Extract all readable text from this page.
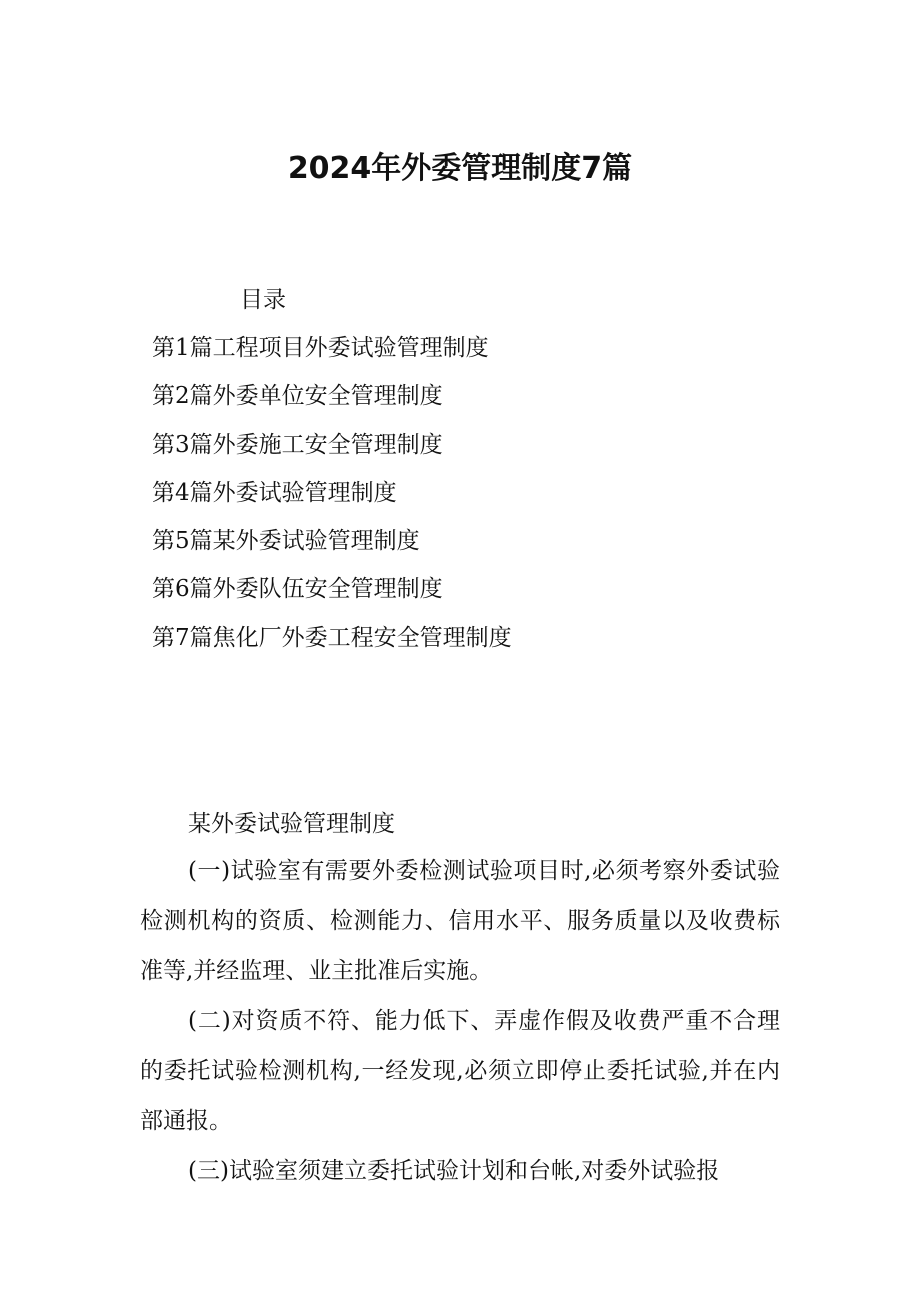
2024年外委管理制度7篇
目录
第1篇工程项目外委试验管理制度
第2篇外委单位安全管理制度
第3篇外委施工安全管理制度
第4篇外委试验管理制度
第5篇某外委试验管理制度
第6篇外委队伍安全管理制度
第7篇焦化厂外委工程安全管理制度
某外委试验管理制度

(一)试验室有需要外委检测试验项目时,必须考察外委试验检测机构的资质、检测能力、信用水平、服务质量以及收费标准等,并经监理、业主批准后实施。

(二)对资质不符、能力低下、弄虚作假及收费严重不合理的委托试验检测机构,一经发现,必须立即停止委托试验,并在内部通报。

(三)试验室须建立委托试验计划和台帐,对委外试验报
